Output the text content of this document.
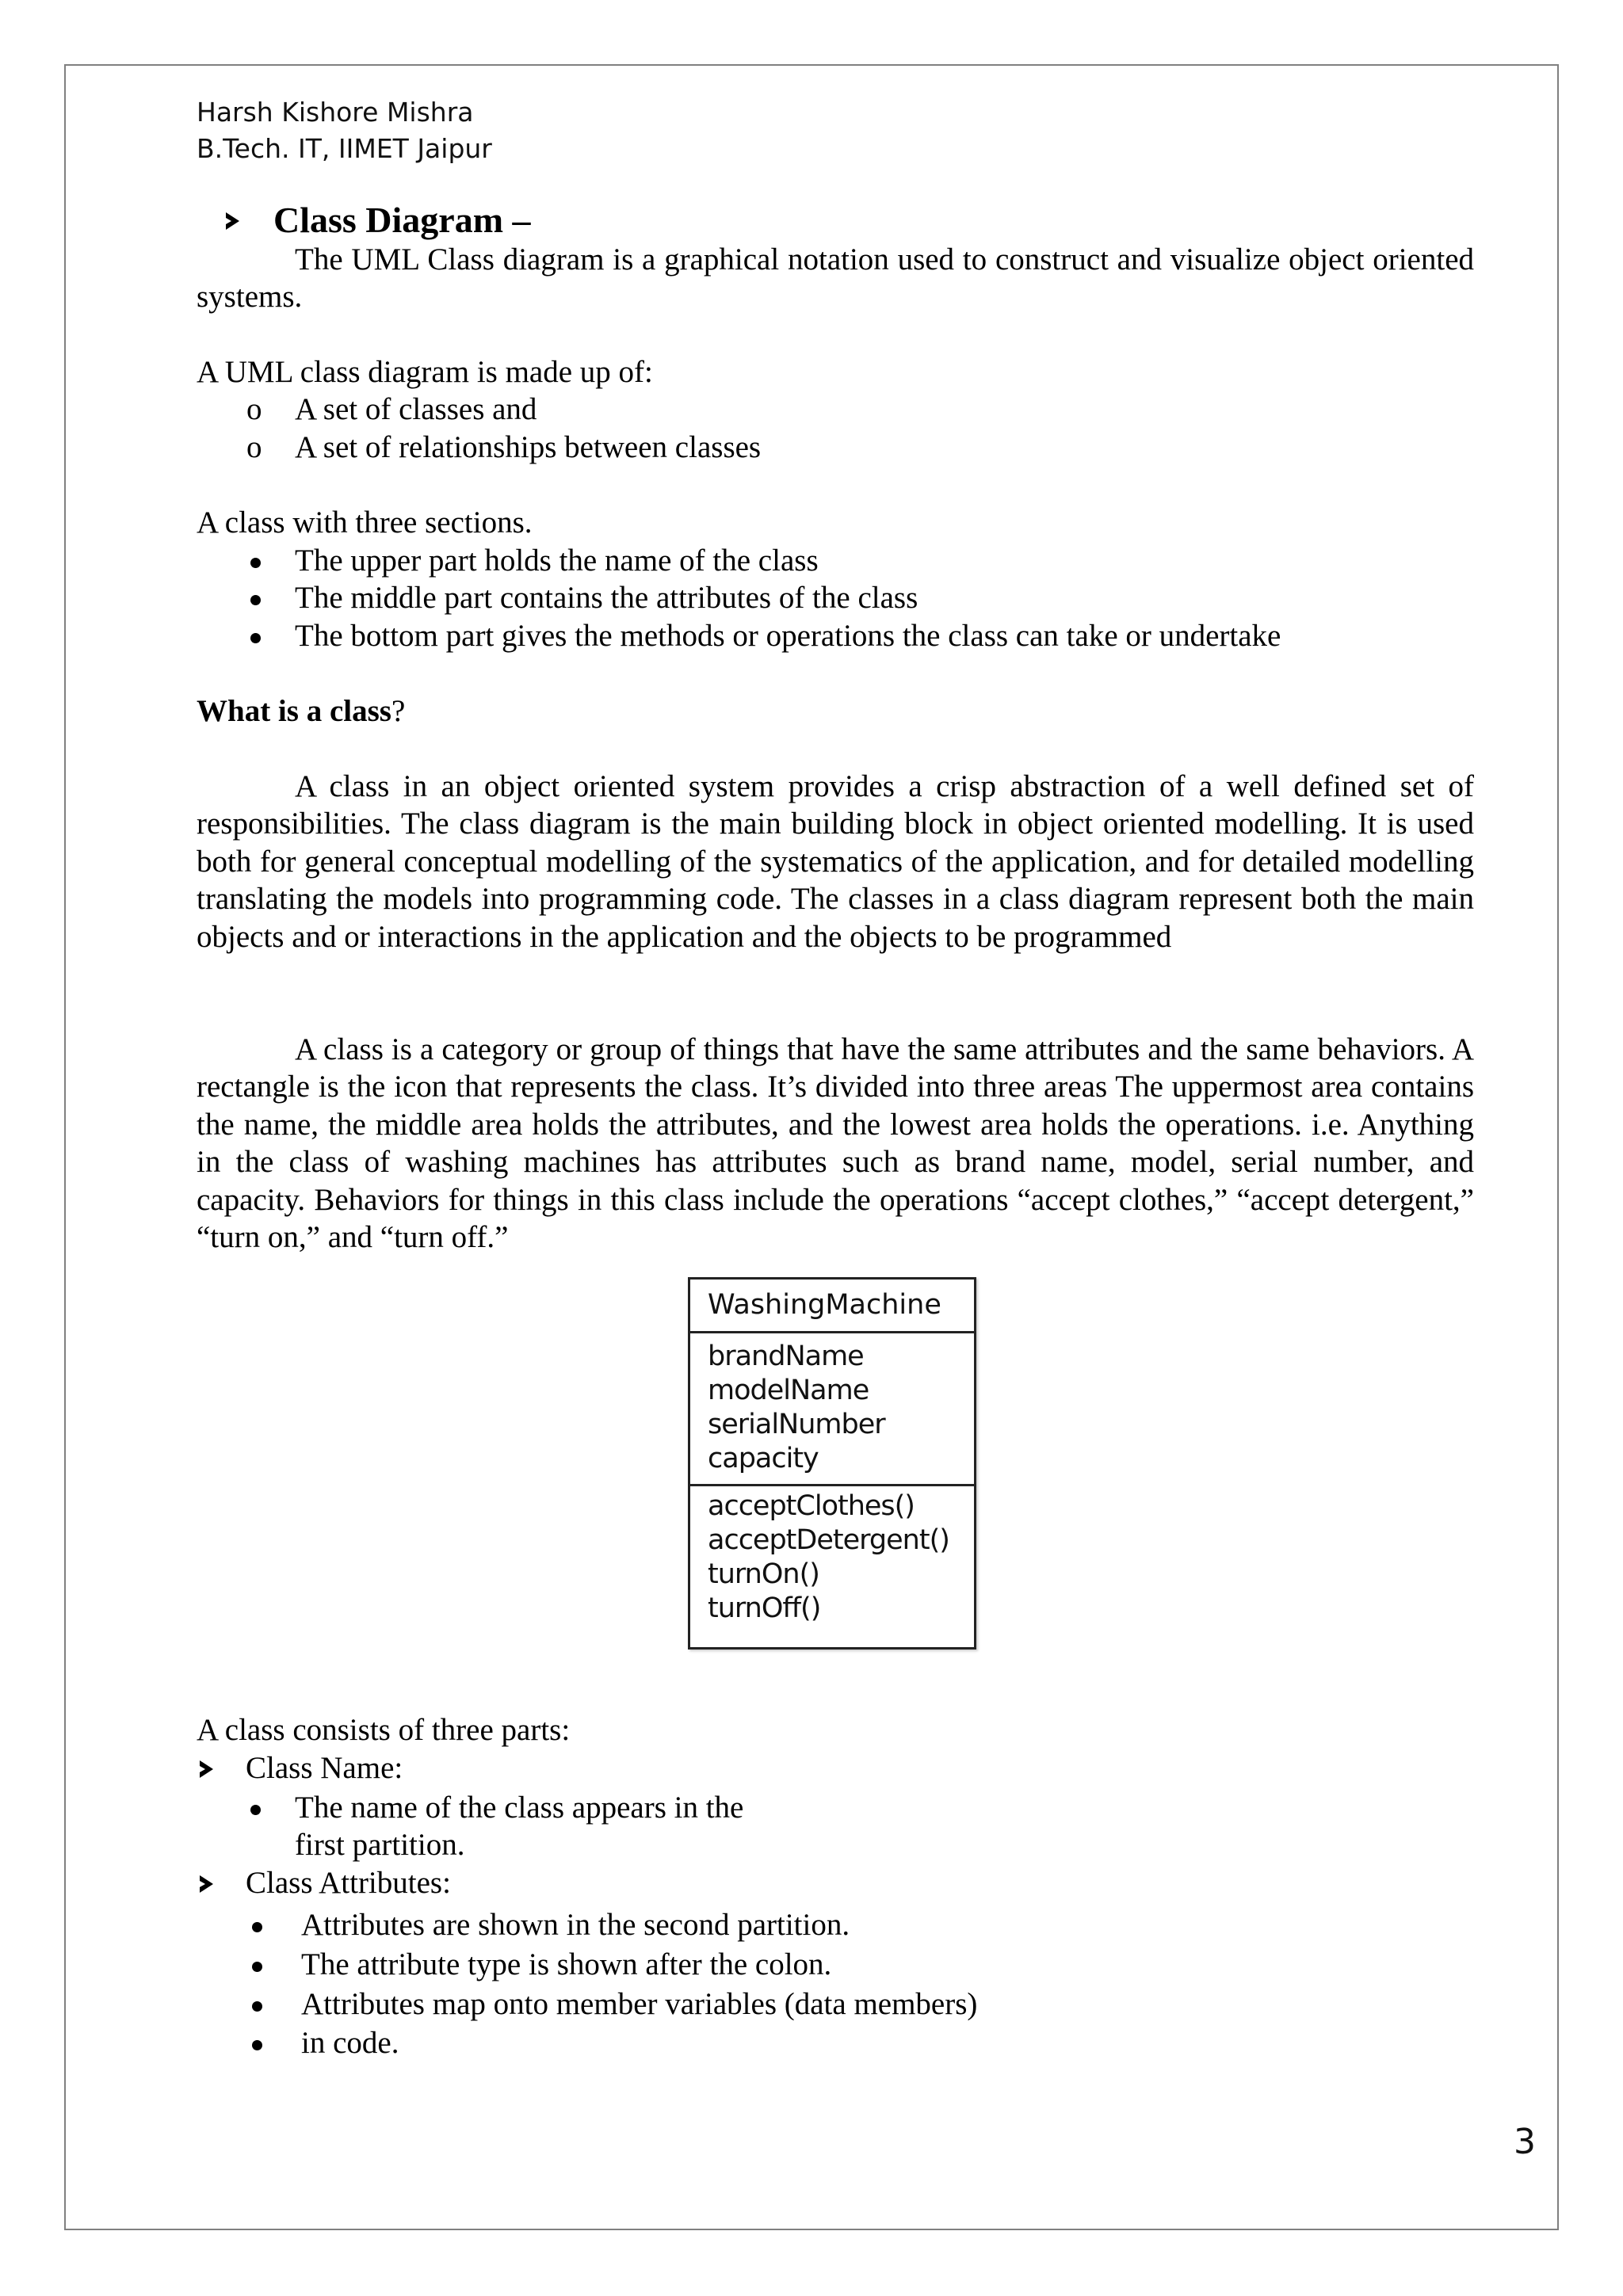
Harsh Kishore Mishra
B.Tech. IT, IIMET Jaipur
Class Diagram –

The UML Class diagram is a graphical notation used to construct and visualize object oriented systems.

A UML class diagram is made up of:
o A set of classes and
o A set of relationships between classes
A class with three sections.
The upper part holds the name of the class
The middle part contains the attributes of the class
The bottom part gives the methods or operations the class can take or undertake
What is a class?

A class in an object oriented system provides a crisp abstraction of a well defined set of responsibilities. The class diagram is the main building block in object oriented modelling. It is used both for general conceptual modelling of the systematics of the application, and for detailed modelling translating the models into programming code. The classes in a class diagram represent both the main objects and or interactions in the application and the objects to be programmed

A class is a category or group of things that have the same attributes and the same behaviors. A rectangle is the icon that represents the class. It’s divided into three areas The uppermost area contains the name, the middle area holds the attributes, and the lowest area holds the operations. i.e. Anything in the class of washing machines has attributes such as brand name, model, serial number, and capacity. Behaviors for things in this class include the operations “accept clothes,” “accept detergent,” “turn on,” and “turn off.”

WashingMachine
brandName
modelName
serialNumber
capacity
acceptClothes()
acceptDetergent()
turnOn()
turnOff()
A class consists of three parts:
Class Name:
The name of the class appears in the
first partition.
Class Attributes:
Attributes are shown in the second partition.
The attribute type is shown after the colon.
Attributes map onto member variables (data members)
in code.
3
